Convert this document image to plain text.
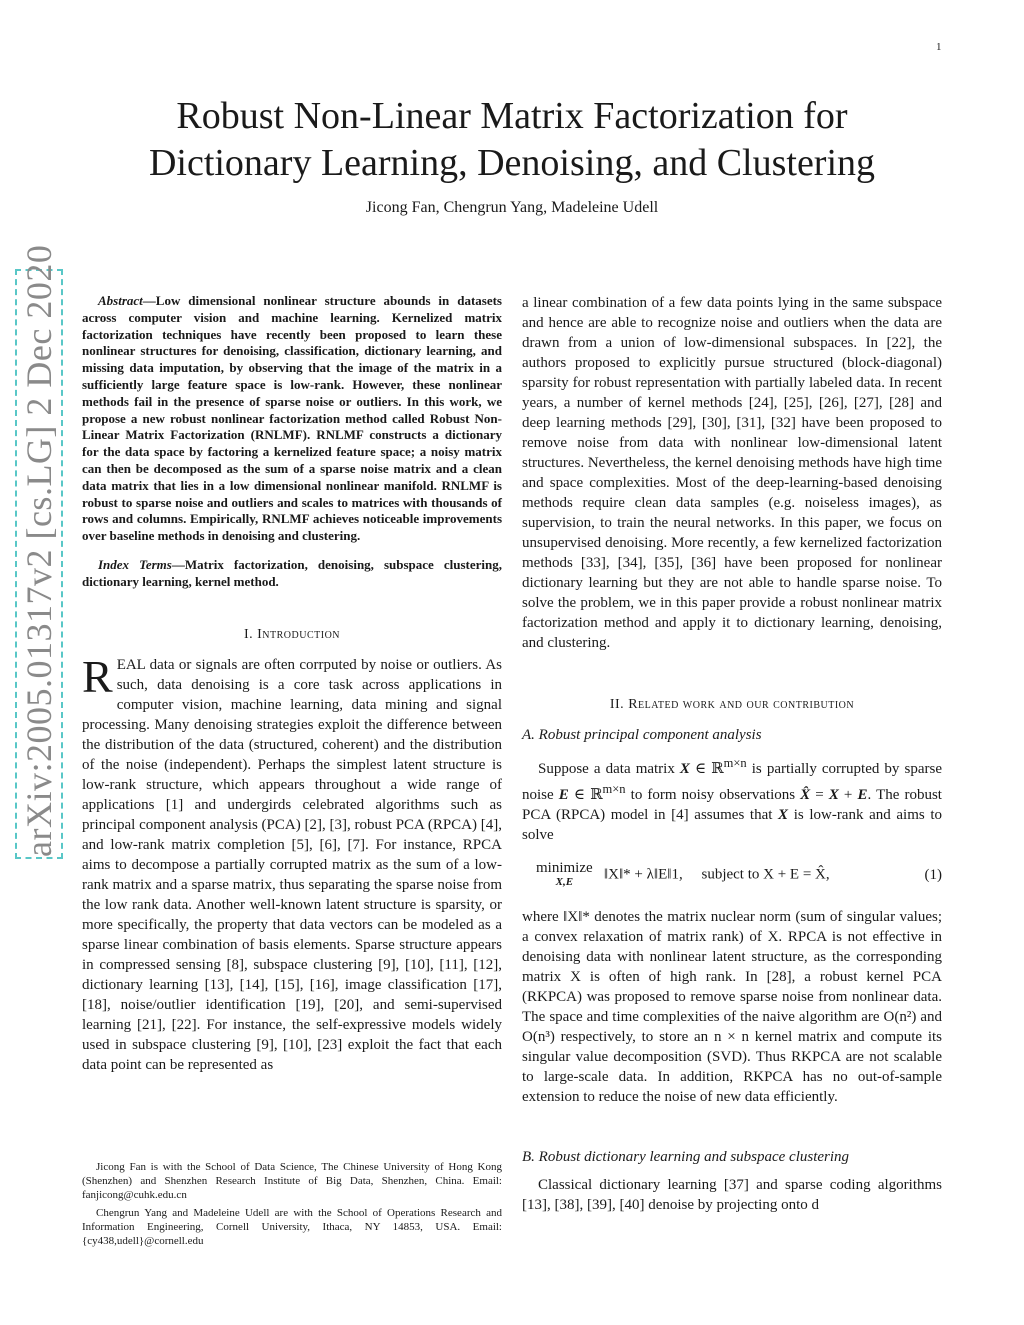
1
arXiv:2005.01317v2 [cs.LG] 2 Dec 2020
Robust Non-Linear Matrix Factorization for
Dictionary Learning, Denoising, and Clustering
Jicong Fan, Chengrun Yang, Madeleine Udell

Abstract—Low dimensional nonlinear structure abounds in datasets across computer vision and machine learning. Kernelized matrix factorization techniques have recently been proposed to learn these nonlinear structures for denoising, classification, dictionary learning, and missing data imputation, by observing that the image of the matrix in a sufficiently large feature space is low-rank. However, these nonlinear methods fail in the presence of sparse noise or outliers. In this work, we propose a new robust nonlinear factorization method called Robust Non-Linear Matrix Factorization (RNLMF). RNLMF constructs a dictionary for the data space by factoring a kernelized feature space; a noisy matrix can then be decomposed as the sum of a sparse noise matrix and a clean data matrix that lies in a low dimensional nonlinear manifold. RNLMF is robust to sparse noise and outliers and scales to matrices with thousands of rows and columns. Empirically, RNLMF achieves noticeable improvements over baseline methods in denoising and clustering.

Index Terms—Matrix factorization, denoising, subspace clustering, dictionary learning, kernel method.

I. Introduction

REAL data or signals are often corrputed by noise or outliers. As such, data denoising is a core task across applications in computer vision, machine learning, data mining and signal processing. Many denoising strategies exploit the difference between the distribution of the data (structured, coherent) and the distribution of the noise (independent). Perhaps the simplest latent structure is low-rank structure, which appears throughout a wide range of applications [1] and undergirds celebrated algorithms such as principal component analysis (PCA) [2], [3], robust PCA (RPCA) [4], and low-rank matrix completion [5], [6], [7]. For instance, RPCA aims to decompose a partially corrupted matrix as the sum of a low-rank matrix and a sparse matrix, thus separating the sparse noise from the low rank data. Another well-known latent structure is sparsity, or more specifically, the property that data vectors can be modeled as a sparse linear combination of basis elements. Sparse structure appears in compressed sensing [8], subspace clustering [9], [10], [11], [12], dictionary learning [13], [14], [15], [16], image classification [17], [18], noise/outlier identification [19], [20], and semi-supervised learning [21], [22]. For instance, the self-expressive models widely used in subspace clustering [9], [10], [23] exploit the fact that each data point can be represented as

Jicong Fan is with the School of Data Science, The Chinese University of Hong Kong (Shenzhen) and Shenzhen Research Institute of Big Data, Shenzhen, China. Email: fanjicong@cuhk.edu.cn

Chengrun Yang and Madeleine Udell are with the School of Operations Research and Information Engineering, Cornell University, Ithaca, NY 14853, USA. Email: {cy438,udell}@cornell.edu

a linear combination of a few data points lying in the same subspace and hence are able to recognize noise and outliers when the data are drawn from a union of low-dimensional subspaces. In [22], the authors proposed to explicitly pursue structured (block-diagonal) sparsity for robust representation with partially labeled data. In recent years, a number of kernel methods [24], [25], [26], [27], [28] and deep learning methods [29], [30], [31], [32] have been proposed to remove noise from data with nonlinear low-dimensional latent structures. Nevertheless, the kernel denoising methods have high time and space complexities. Most of the deep-learning-based denoising methods require clean data samples (e.g. noiseless images), as supervision, to train the neural networks. In this paper, we focus on unsupervised denoising. More recently, a few kernelized factorization methods [33], [34], [35], [36] have been proposed for nonlinear dictionary learning but they are not able to handle sparse noise. To solve the problem, we in this paper provide a robust nonlinear matrix factorization method and apply it to dictionary learning, denoising, and clustering.

II. Related work and our contribution
A. Robust principal component analysis

Suppose a data matrix X ∈ ℝ$^{m\times n}$ is partially corrupted by sparse noise E ∈ ℝ$^{m\times n}$ to form noisy observations X̂ = X + E. The robust PCA (RPCA) model in [4] assumes that X is low-rank and aims to solve

minimize
X,E	‖X‖* + λ‖E‖1, subject to X + E = X̂,	(1)

where ‖X‖* denotes the matrix nuclear norm (sum of singular values; a convex relaxation of matrix rank) of X. RPCA is not effective in denoising data with nonlinear latent structure, as the corresponding matrix X is often of high rank. In [28], a robust kernel PCA (RKPCA) was proposed to remove sparse noise from nonlinear data. The space and time complexities of the naive algorithm are O(n²) and O(n³) respectively, to store an n × n kernel matrix and compute its singular value decomposition (SVD). Thus RKPCA are not scalable to large-scale data. In addition, RKPCA has no out-of-sample extension to reduce the noise of new data efficiently.

B. Robust dictionary learning and subspace clustering

Classical dictionary learning [37] and sparse coding algorithms [13], [38], [39], [40] denoise by projecting onto d
